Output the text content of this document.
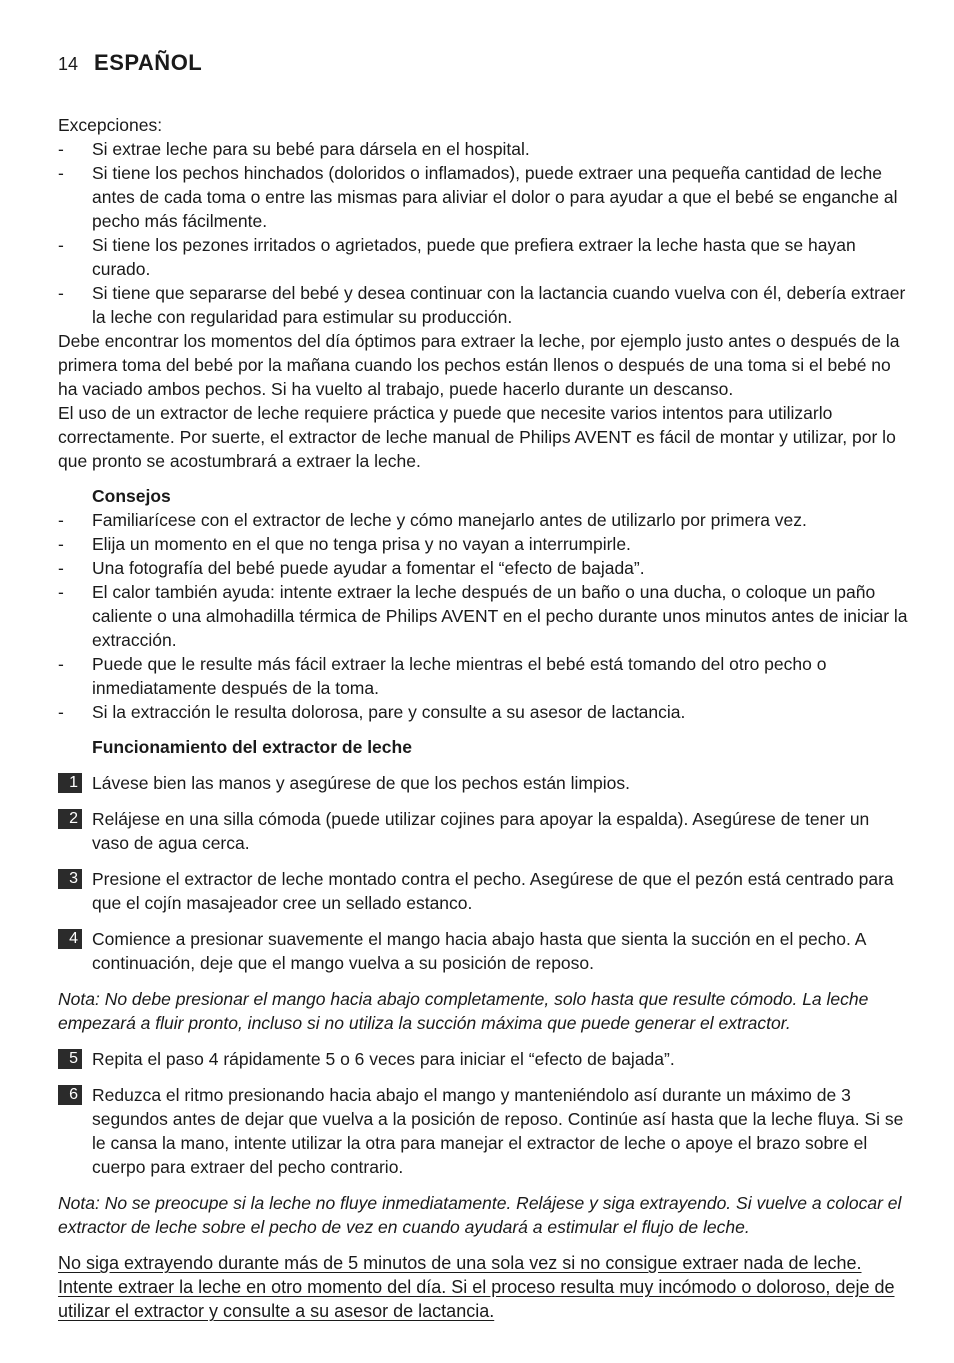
14 ESPAÑOL

Excepciones:

-	Si extrae leche para su bebé para dársela en el hospital.
-	Si tiene los pechos hinchados (doloridos o inflamados), puede extraer una pequeña cantidad de leche antes de cada toma o entre las mismas para aliviar el dolor o para ayudar a que el bebé se enganche al pecho más fácilmente.
-	Si tiene los pezones irritados o agrietados, puede que prefiera extraer la leche hasta que se hayan curado.
-	Si tiene que separarse del bebé y desea continuar con la lactancia cuando vuelva con él, debería extraer la leche con regularidad para estimular su producción.

Debe encontrar los momentos del día óptimos para extraer la leche, por ejemplo justo antes o después de la primera toma del bebé por la mañana cuando los pechos están llenos o después de una toma si el bebé no ha vaciado ambos pechos. Si ha vuelto al trabajo, puede hacerlo durante un descanso.

El uso de un extractor de leche requiere práctica y puede que necesite varios intentos para utilizarlo correctamente. Por suerte, el extractor de leche manual de Philips AVENT es fácil de montar y utilizar, por lo que pronto se acostumbrará a extraer la leche.

Consejos

-	Familiarícese con el extractor de leche y cómo manejarlo antes de utilizarlo por primera vez.
-	Elija un momento en el que no tenga prisa y no vayan a interrumpirle.
-	Una fotografía del bebé puede ayudar a fomentar el “efecto de bajada”.
-	El calor también ayuda: intente extraer la leche después de un baño o una ducha, o coloque un paño caliente o una almohadilla térmica de Philips AVENT en el pecho durante unos minutos antes de iniciar la extracción.
-	Puede que le resulte más fácil extraer la leche mientras el bebé está tomando del otro pecho o inmediatamente después de la toma.
-	Si la extracción le resulta dolorosa, pare y consulte a su asesor de lactancia.

Funcionamiento del extractor de leche

1 Lávese bien las manos y asegúrese de que los pechos están limpios.
2 Relájese en una silla cómoda (puede utilizar cojines para apoyar la espalda). Asegúrese de tener un vaso de agua cerca.
3 Presione el extractor de leche montado contra el pecho. Asegúrese de que el pezón está centrado para que el cojín masajeador cree un sellado estanco.
4 Comience a presionar suavemente el mango hacia abajo hasta que sienta la succión en el pecho. A continuación, deje que el mango vuelva a su posición de reposo.

Nota: No debe presionar el mango hacia abajo completamente, solo hasta que resulte cómodo. La leche empezará a fluir pronto, incluso si no utiliza la succión máxima que puede generar el extractor.

5 Repita el paso 4 rápidamente 5 o 6 veces para iniciar el “efecto de bajada”.
6 Reduzca el ritmo presionando hacia abajo el mango y manteniéndolo así durante un máximo de 3 segundos antes de dejar que vuelva a la posición de reposo. Continúe así hasta que la leche fluya. Si se le cansa la mano, intente utilizar la otra para manejar el extractor de leche o apoye el brazo sobre el cuerpo para extraer del pecho contrario.

Nota: No se preocupe si la leche no fluye inmediatamente. Relájese y siga extrayendo. Si vuelve a colocar el extractor de leche sobre el pecho de vez en cuando ayudará a estimular el flujo de leche.

No siga extrayendo durante más de 5 minutos de una sola vez si no consigue extraer nada de leche. Intente extraer la leche en otro momento del día. Si el proceso resulta muy incómodo o doloroso, deje de utilizar el extractor y consulte a su asesor de lactancia.
